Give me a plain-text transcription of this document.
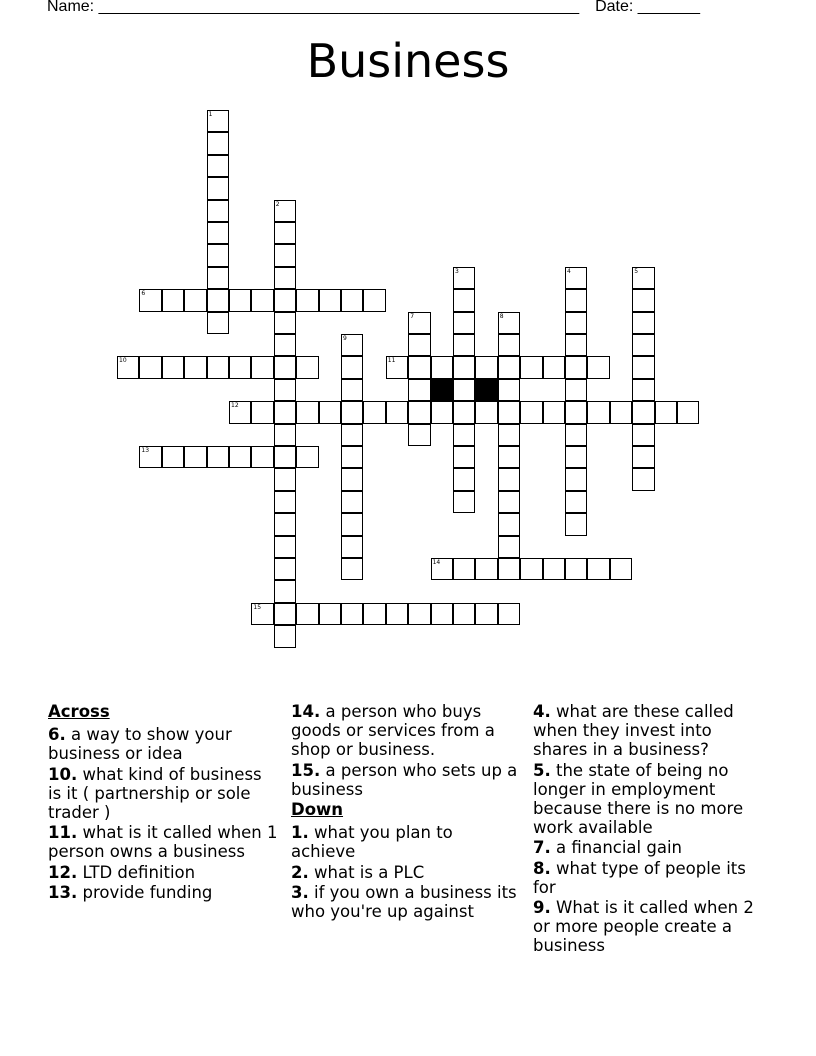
Name: ______________________________________________________ Date: _______
Business
1
2
3	4	5
6
7	8
9
10	11
12
13
14
15
Across
6. a way to show your business or idea
10. what kind of business is it ( partnership or sole trader )
11. what is it called when 1 person owns a business
12. LTD definition
13. provide funding
14. a person who buys goods or services from a shop or business.
15. a person who sets up a business
Down
1. what you plan to achieve
2. what is a PLC
3. if you own a business its who you're up against
4. what are these called when they invest into shares in a business?
5. the state of being no longer in employment because there is no more work available
7. a financial gain
8. what type of people its for
9. What is it called when 2 or more people create a business
